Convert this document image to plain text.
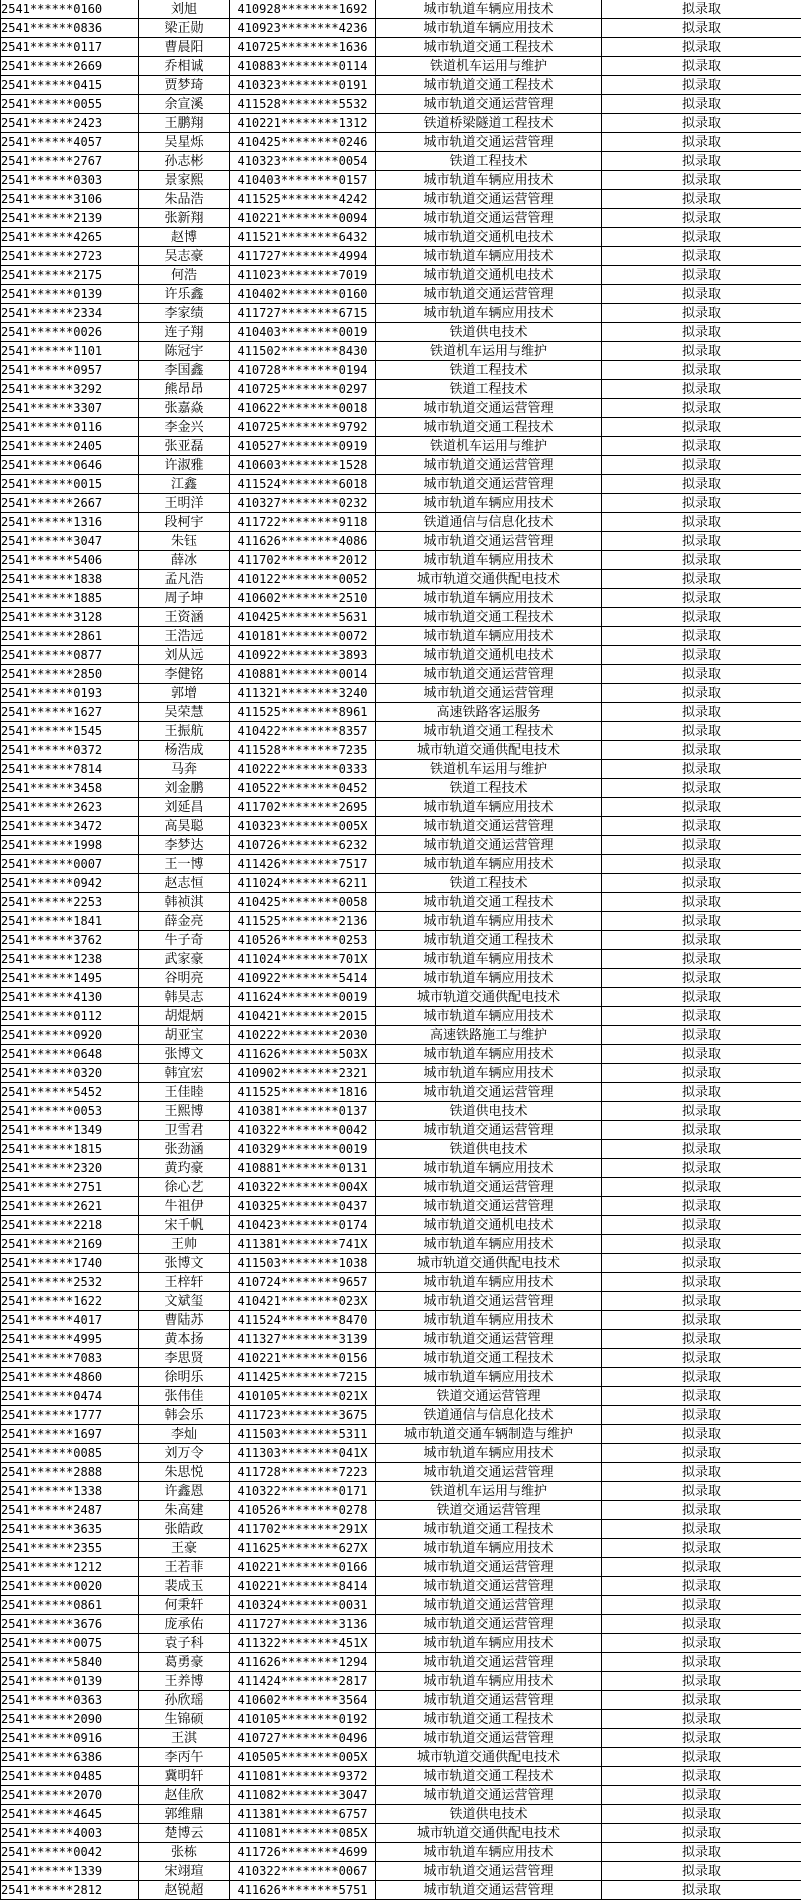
2541******0160	刘旭	410928********1692	城市轨道车辆应用技术	拟录取
2541******0836	梁正勋	410923********4236	城市轨道车辆应用技术	拟录取
2541******0117	曹晨阳	410725********1636	城市轨道交通工程技术	拟录取
2541******2669	乔相诚	410883********0114	铁道机车运用与维护	拟录取
2541******0415	贾梦琦	410323********0191	城市轨道交通工程技术	拟录取
2541******0055	余宣溪	411528********5532	城市轨道交通运营管理	拟录取
2541******2423	王鹏翔	410221********1312	铁道桥梁隧道工程技术	拟录取
2541******4057	吴星烁	410425********0246	城市轨道交通运营管理	拟录取
2541******2767	孙志彬	410323********0054	铁道工程技术	拟录取
2541******0303	景家熙	410403********0157	城市轨道车辆应用技术	拟录取
2541******3106	朱品浩	411525********4242	城市轨道交通运营管理	拟录取
2541******2139	张新翔	410221********0094	城市轨道交通运营管理	拟录取
2541******4265	赵博	411521********6432	城市轨道交通机电技术	拟录取
2541******2723	吴志豪	411727********4994	城市轨道车辆应用技术	拟录取
2541******2175	何浩	411023********7019	城市轨道交通机电技术	拟录取
2541******0139	许乐鑫	410402********0160	城市轨道交通运营管理	拟录取
2541******2334	李家绩	411727********6715	城市轨道车辆应用技术	拟录取
2541******0026	连子翔	410403********0019	铁道供电技术	拟录取
2541******1101	陈冠宇	411502********8430	铁道机车运用与维护	拟录取
2541******0957	李国鑫	410728********0194	铁道工程技术	拟录取
2541******3292	熊昂昂	410725********0297	铁道工程技术	拟录取
2541******3307	张嘉焱	410622********0018	城市轨道交通运营管理	拟录取
2541******0116	李金兴	410725********9792	城市轨道交通工程技术	拟录取
2541******2405	张亚磊	410527********0919	铁道机车运用与维护	拟录取
2541******0646	许淑雅	410603********1528	城市轨道交通运营管理	拟录取
2541******0015	江鑫	411524********6018	城市轨道交通运营管理	拟录取
2541******2667	王明洋	410327********0232	城市轨道车辆应用技术	拟录取
2541******1316	段柯宇	411722********9118	铁道通信与信息化技术	拟录取
2541******3047	朱钰	411626********4086	城市轨道交通运营管理	拟录取
2541******5406	薛冰	411702********2012	城市轨道车辆应用技术	拟录取
2541******1838	孟凡浩	410122********0052	城市轨道交通供配电技术	拟录取
2541******1885	周子坤	410602********2510	城市轨道车辆应用技术	拟录取
2541******3128	王资涵	410425********5631	城市轨道交通工程技术	拟录取
2541******2861	王浩远	410181********0072	城市轨道车辆应用技术	拟录取
2541******0877	刘从远	410922********3893	城市轨道交通机电技术	拟录取
2541******2850	李健铭	410881********0014	城市轨道交通运营管理	拟录取
2541******0193	郭增	411321********3240	城市轨道交通运营管理	拟录取
2541******1627	吴荣慧	411525********8961	高速铁路客运服务	拟录取
2541******1545	王振航	410422********8357	城市轨道交通工程技术	拟录取
2541******0372	杨浩成	411528********7235	城市轨道交通供配电技术	拟录取
2541******7814	马奔	410222********0333	铁道机车运用与维护	拟录取
2541******3458	刘金鹏	410522********0452	铁道工程技术	拟录取
2541******2623	刘延昌	411702********2695	城市轨道车辆应用技术	拟录取
2541******3472	高昊聪	410323********005X	城市轨道交通运营管理	拟录取
2541******1998	李梦达	410726********6232	城市轨道交通运营管理	拟录取
2541******0007	王一博	411426********7517	城市轨道车辆应用技术	拟录取
2541******0942	赵志恒	411024********6211	铁道工程技术	拟录取
2541******2253	韩祯淇	410425********0058	城市轨道交通工程技术	拟录取
2541******1841	薛金亮	411525********2136	城市轨道车辆应用技术	拟录取
2541******3762	牛子奇	410526********0253	城市轨道交通工程技术	拟录取
2541******1238	武家豪	411024********701X	城市轨道车辆应用技术	拟录取
2541******1495	谷明亮	410922********5414	城市轨道车辆应用技术	拟录取
2541******4130	韩昊志	411624********0019	城市轨道交通供配电技术	拟录取
2541******0112	胡焜炳	410421********2015	城市轨道车辆应用技术	拟录取
2541******0920	胡亚宝	410222********2030	高速铁路施工与维护	拟录取
2541******0648	张博文	411626********503X	城市轨道车辆应用技术	拟录取
2541******0320	韩宜宏	410902********2321	城市轨道车辆应用技术	拟录取
2541******5452	王佳睦	411525********1816	城市轨道交通运营管理	拟录取
2541******0053	王熙博	410381********0137	铁道供电技术	拟录取
2541******1349	卫雪君	410322********0042	城市轨道交通运营管理	拟录取
2541******1815	张劲涵	410329********0019	铁道供电技术	拟录取
2541******2320	黄玓豪	410881********0131	城市轨道车辆应用技术	拟录取
2541******2751	徐心艺	410322********004X	城市轨道交通运营管理	拟录取
2541******2621	牛祖伊	410325********0437	城市轨道交通运营管理	拟录取
2541******2218	宋千帆	410423********0174	城市轨道交通机电技术	拟录取
2541******2169	王帅	411381********741X	城市轨道车辆应用技术	拟录取
2541******1740	张博文	411503********1038	城市轨道交通供配电技术	拟录取
2541******2532	王梓轩	410724********9657	城市轨道车辆应用技术	拟录取
2541******1622	文斌玺	410421********023X	城市轨道交通运营管理	拟录取
2541******4017	曹陆苏	411524********8470	城市轨道车辆应用技术	拟录取
2541******4995	黄本扬	411327********3139	城市轨道交通运营管理	拟录取
2541******7083	李思贤	410221********0156	城市轨道交通工程技术	拟录取
2541******4860	徐明乐	411425********7215	城市轨道车辆应用技术	拟录取
2541******0474	张伟佳	410105********021X	铁道交通运营管理	拟录取
2541******1777	韩会乐	411723********3675	铁道通信与信息化技术	拟录取
2541******1697	李灿	411503********5311	城市轨道交通车辆制造与维护	拟录取
2541******0085	刘万令	411303********041X	城市轨道车辆应用技术	拟录取
2541******2888	朱思悦	411728********7223	城市轨道交通运营管理	拟录取
2541******1338	许鑫恩	410322********0171	铁道机车运用与维护	拟录取
2541******2487	朱高建	410526********0278	铁道交通运营管理	拟录取
2541******3635	张皓政	411702********291X	城市轨道交通工程技术	拟录取
2541******2355	王豪	411625********627X	城市轨道车辆应用技术	拟录取
2541******1212	王若菲	410221********0166	城市轨道交通运营管理	拟录取
2541******0020	裴成玉	410221********8414	城市轨道交通运营管理	拟录取
2541******0861	何秉轩	410324********0031	城市轨道交通运营管理	拟录取
2541******3676	庞承佑	411727********3136	城市轨道交通运营管理	拟录取
2541******0075	袁子科	411322********451X	城市轨道车辆应用技术	拟录取
2541******5840	葛勇豪	411626********1294	城市轨道交通运营管理	拟录取
2541******0139	王养博	411424********2817	城市轨道车辆应用技术	拟录取
2541******0363	孙欣瑶	410602********3564	城市轨道交通运营管理	拟录取
2541******2090	生锦硕	410105********0192	城市轨道交通工程技术	拟录取
2541******0916	王淇	410727********0496	城市轨道交通运营管理	拟录取
2541******6386	李丙午	410505********005X	城市轨道交通供配电技术	拟录取
2541******0485	冀明轩	411081********9372	城市轨道交通工程技术	拟录取
2541******2070	赵佳欣	411082********3047	城市轨道交通运营管理	拟录取
2541******4645	郭维鼎	411381********6757	铁道供电技术	拟录取
2541******4003	楚博云	411081********085X	城市轨道交通供配电技术	拟录取
2541******0042	张栋	411726********4699	城市轨道车辆应用技术	拟录取
2541******1339	宋翊瑄	410322********0067	城市轨道交通运营管理	拟录取
2541******2812	赵锐超	411626********5751	城市轨道交通运营管理	拟录取
